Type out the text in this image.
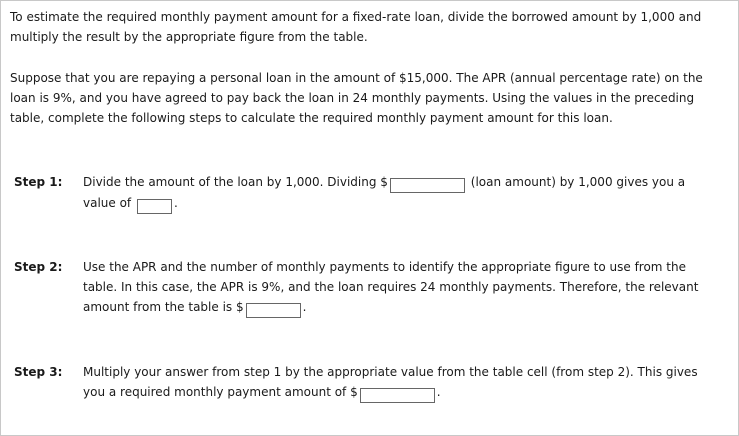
To estimate the required monthly payment amount for a fixed-rate loan, divide the borrowed amount by 1,000 and multiply the result by the appropriate figure from the table.

Suppose that you are repaying a personal loan in the amount of $15,000. The APR (annual percentage rate) on the loan is 9%, and you have agreed to pay back the loan in 24 monthly payments. Using the values in the preceding table, complete the following steps to calculate the required monthly payment amount for this loan.

Step 1:	Divide the amount of the loan by 1,000. Dividing $	(loan amount) by 1,000 gives you a value of	.
Step 2:	Use the APR and the number of monthly payments to identify the appropriate figure to use from the table. In this case, the APR is 9%, and the loan requires 24 monthly payments. Therefore, the relevant amount from the table is $	.
Step 3:	Multiply your answer from step 1 by the appropriate value from the table cell (from step 2). This gives you a required monthly payment amount of $	.
